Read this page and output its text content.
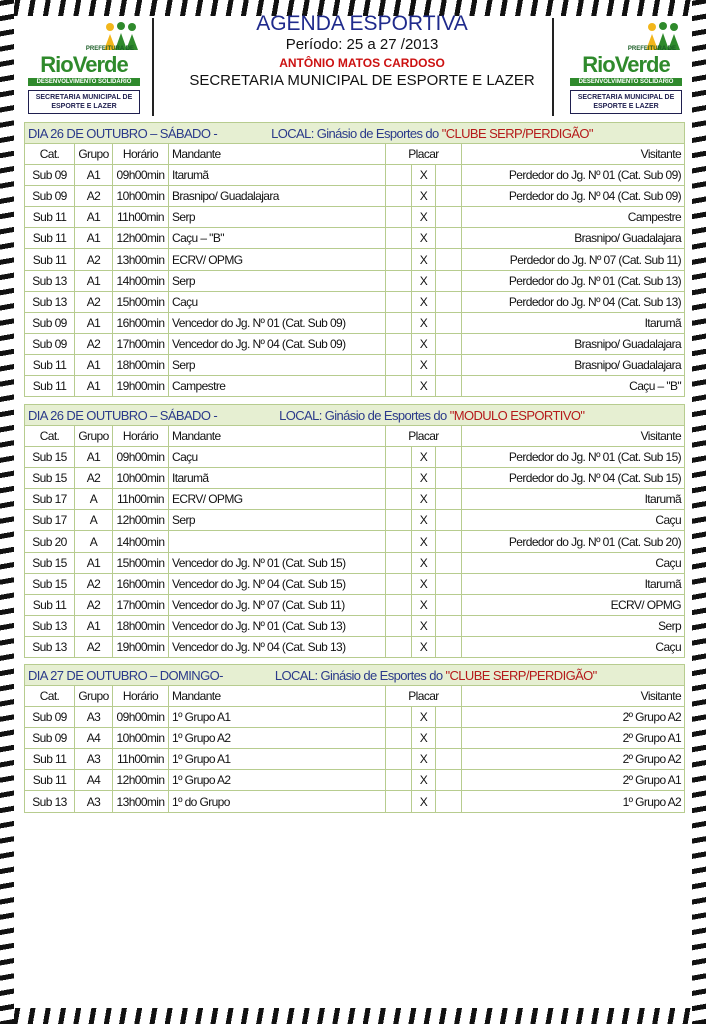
PREFEITURA DE
RioVerde
DESENVOLVIMENTO SOLIDÁRIO
SECRETARIA MUNICIPAL DE
ESPORTE E LAZER
AGENDA ESPORTIVA
Período: 25 a 27 /2013
ANTÔNIO MATOS CARDOSO
SECRETARIA MUNICIPAL DE ESPORTE E LAZER
PREFEITURA DE
RioVerde
DESENVOLVIMENTO SOLIDÁRIO
SECRETARIA MUNICIPAL DE
ESPORTE E LAZER
DIA 26 DE OUTUBRO – SÁBADO - LOCAL: Ginásio de Esportes do "CLUBE SERP/PERDIGÃO"							
Cat.	Grupo	Horário	Mandante	Placar			Visitante
Sub 09	A1	09h00min	Itarumã		X		Perdedor do Jg. Nº 01 (Cat. Sub 09)
Sub 09	A2	10h00min	Brasnipo/ Guadalajara		X		Perdedor do Jg. Nº 04 (Cat. Sub 09)
Sub 11	A1	11h00min	Serp		X		Campestre
Sub 11	A1	12h00min	Caçu – "B"		X		Brasnipo/ Guadalajara
Sub 11	A2	13h00min	ECRV/ OPMG		X		Perdedor do Jg. Nº 07 (Cat. Sub 11)
Sub 13	A1	14h00min	Serp		X		Perdedor do Jg. Nº 01 (Cat. Sub 13)
Sub 13	A2	15h00min	Caçu		X		Perdedor do Jg. Nº 04 (Cat. Sub 13)
Sub 09	A1	16h00min	Vencedor do Jg. Nº 01 (Cat. Sub 09)		X		Itarumã
Sub 09	A2	17h00min	Vencedor do Jg. Nº 04 (Cat. Sub 09)		X		Brasnipo/ Guadalajara
Sub 11	A1	18h00min	Serp		X		Brasnipo/ Guadalajara
Sub 11	A1	19h00min	Campestre		X		Caçu – "B"
DIA 26 DE OUTUBRO – SÁBADO - LOCAL: Ginásio de Esportes do "MODULO ESPORTIVO"							
Cat.	Grupo	Horário	Mandante	Placar			Visitante
Sub 15	A1	09h00min	Caçu		X		Perdedor do Jg. Nº 01 (Cat. Sub 15)
Sub 15	A2	10h00min	Itarumã		X		Perdedor do Jg. Nº 04 (Cat. Sub 15)
Sub 17	A	11h00min	ECRV/ OPMG		X		Itarumã
Sub 17	A	12h00min	Serp		X		Caçu
Sub 20	A	14h00min			X		Perdedor do Jg. Nº 01 (Cat. Sub 20)
Sub 15	A1	15h00min	Vencedor do Jg. Nº 01 (Cat. Sub 15)		X		Caçu
Sub 15	A2	16h00min	Vencedor do Jg. Nº 04 (Cat. Sub 15)		X		Itarumã
Sub 11	A2	17h00min	Vencedor do Jg. Nº 07 (Cat. Sub 11)		X		ECRV/ OPMG
Sub 13	A1	18h00min	Vencedor do Jg. Nº 01 (Cat. Sub 13)		X		Serp
Sub 13	A2	19h00min	Vencedor do Jg. Nº 04 (Cat. Sub 13)		X		Caçu
DIA 27 DE OUTUBRO – DOMINGO- LOCAL: Ginásio de Esportes do "CLUBE SERP/PERDIGÃO"							
Cat.	Grupo	Horário	Mandante	Placar			Visitante
Sub 09	A3	09h00min	1º Grupo A1		X		2º Grupo A2
Sub 09	A4	10h00min	1º Grupo A2		X		2º Grupo A1
Sub 11	A3	11h00min	1º Grupo A1		X		2º Grupo A2
Sub 11	A4	12h00min	1º Grupo A2		X		2º Grupo A1
Sub 13	A3	13h00min	1º do Grupo		X		1º Grupo A2
